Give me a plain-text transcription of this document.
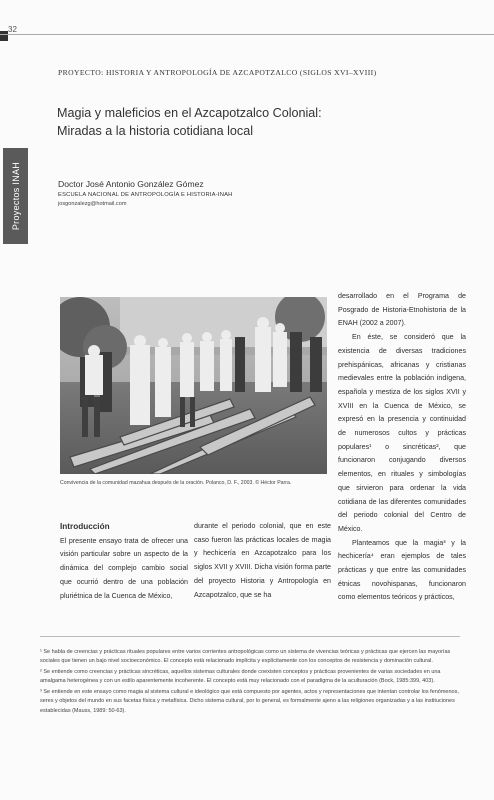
32
Proyectos INAH
PROYECTO: HISTORIA Y ANTROPOLOGÍA DE AZCAPOTZALCO (SIGLOS XVI–XVIII)
Magia y maleficios en el Azcapotzalco Colonial:
Miradas a la historia cotidiana local
Doctor José Antonio González Gómez
ESCUELA NACIONAL DE ANTROPOLOGÍA E HISTORIA-INAH
josgonzalezg@hotmail.com
Convivencia de la comunidad mazahua después de la oración. Polanco, D. F., 2003. © Héctor Parra.
Introducción
El presente ensayo trata de ofrecer una visión particular sobre un aspecto de la dinámica del complejo cambio social que ocurrió dentro de una población pluriétnica de la Cuenca de México,
durante el periodo colonial, que en este caso fueron las prácticas locales de magia y hechicería en Azcapotzalco para los siglos XVII y XVIII. Dicha visión forma parte del proyecto Historia y Antropología en Azcapotzalco, que se ha
desarrollado en el Programa de Posgrado de Historia-Etnohistoria de la ENAH (2002 a 2007).
En éste, se consideró que la existencia de diversas tradiciones prehispánicas, africanas y cristianas medievales entre la población indígena, española y mestiza de los siglos XVII y XVIII en la Cuenca de México, se expresó en la presencia y continuidad de numerosos cultos y prácticas populares¹ o sincréticas², que funcionaron conjugando diversos elementos, en rituales y simbologías que sirvieron para ordenar la vida cotidiana de las diferentes comunidades del periodo colonial del Centro de México.
Planteamos que la magia³ y la hechicería⁴ eran ejemplos de tales prácticas y que entre las comunidades étnicas novohispanas, funcionaron como elementos teóricos y prácticos,

¹ Se habla de creencias y prácticas rituales populares entre varios corrientes antropológicas como un sistema de vivencias teóricas y prácticas que ejercen las mayorías sociales que tienen un bajo nivel socioeconómico. El concepto está relacionado implícita y explícitamente con los conceptos de resistencia y dominación cultural.

² Se entiende como creencias y prácticas sincréticas, aquellos sistemas culturales donde coexisten conceptos y prácticas provenientes de varias sociedades en una amalgama heterogénea y con un estilo aparentemente incoherente. El concepto está muy relacionado con el paradigma de la aculturación (Bock, 1985:399, 403).

³ Se entiende en este ensayo como magia al sistema cultural e ideológico que está compuesto por agentes, actos y representaciones que intentan controlar los fenómenos, seres y objetos del mundo en sus facetas física y metafísica. Dicho sistema cultural, por lo general, es formalmente ajeno a las religiones organizadas y a las instituciones establecidas (Mauss, 1989: 50-63).
